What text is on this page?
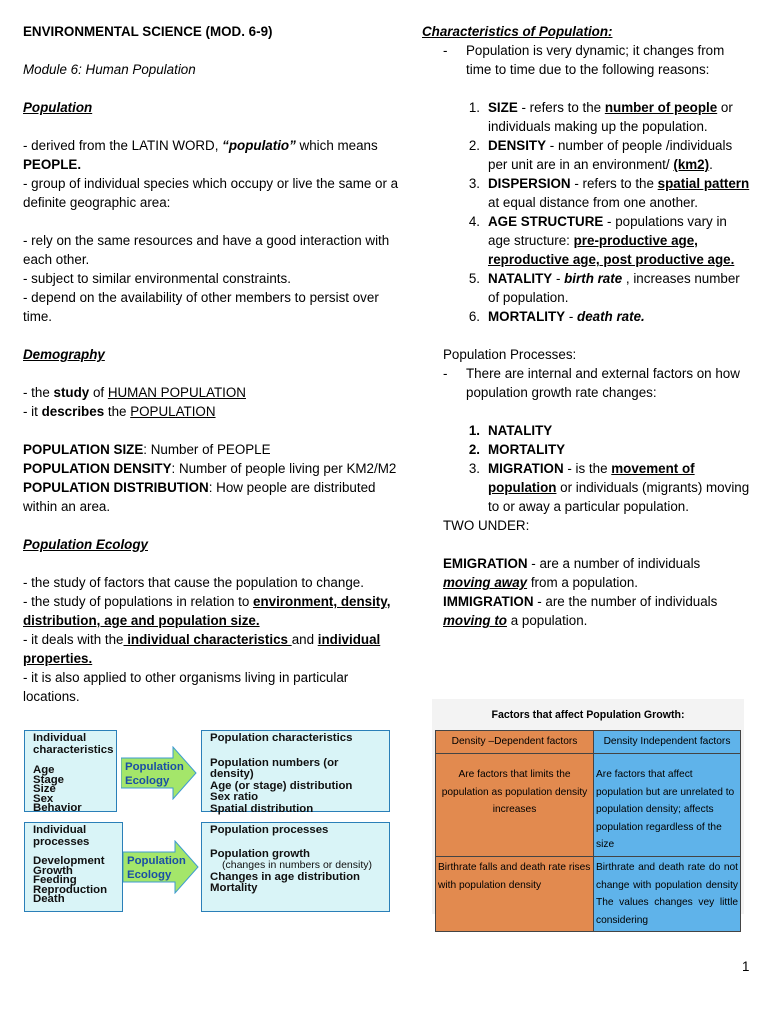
ENVIRONMENTAL SCIENCE (MOD. 6-9)

Module 6: Human Population

Population

- derived from the LATIN WORD, “populatio” which means
PEOPLE.

- group of individual species which occupy or live the same or a definite geographic area:

- rely on the same resources and have a good interaction with each other.

- subject to similar environmental constraints.

- depend on the availability of other members to persist over time.

Demography

- the study of HUMAN POPULATION

- it describes the POPULATION

POPULATION SIZE: Number of PEOPLE

POPULATION DENSITY: Number of people living per KM2/M2

POPULATION DISTRIBUTION: How people are distributed within an area.

Population Ecology

- the study of factors that cause the population to change.

- the study of populations in relation to environment, density, distribution, age and population size.

- it deals with the individual characteristics and individual properties.

- it is also applied to other organisms living in particular locations.

Characteristics of Population:

-	Population is very dynamic; it changes from time to time due to the following reasons:
1. SIZE - refers to the number of people or individuals making up the population.
2. DENSITY - number of people /individuals per unit are in an environment/ (km2).
3. DISPERSION - refers to the spatial pattern at equal distance from one another.
4. AGE STRUCTURE - populations vary in age structure: pre-productive age, reproductive age, post productive age.
5. NATALITY - birth rate , increases number of population.
6. MORTALITY - death rate.

Population Processes:

-	There are internal and external factors on how population growth rate changes:
1. NATALITY
2. MORTALITY
3. MIGRATION - is the movement of population or individuals (migrants) moving to or away a particular population.

TWO UNDER:

EMIGRATION - are a number of individuals
moving away from a population.

IMMIGRATION - are the number of individuals
moving to a population.

Individual characteristics
Age
Stage
Size
Sex
Behavior
Population Ecology
Population characteristics
Population numbers (or density)
Age (or stage) distribution
Sex ratio
Spatial distribution
Individual processes
Development
Growth
Feeding
Reproduction
Death
Population Ecology
Population processes
Population growth
(changes in numbers or density)
Changes in age distribution
Mortality
Factors that affect Population Growth:
Density –Dependent factors	Density Independent factors
Are factors that limits the population as population density increases	Are factors that affect population but are unrelated to population density; affects population regardless of the size
Birthrate falls and death rate rises with population density	Birthrate and death rate do not change with population density The values changes vey little considering
1
